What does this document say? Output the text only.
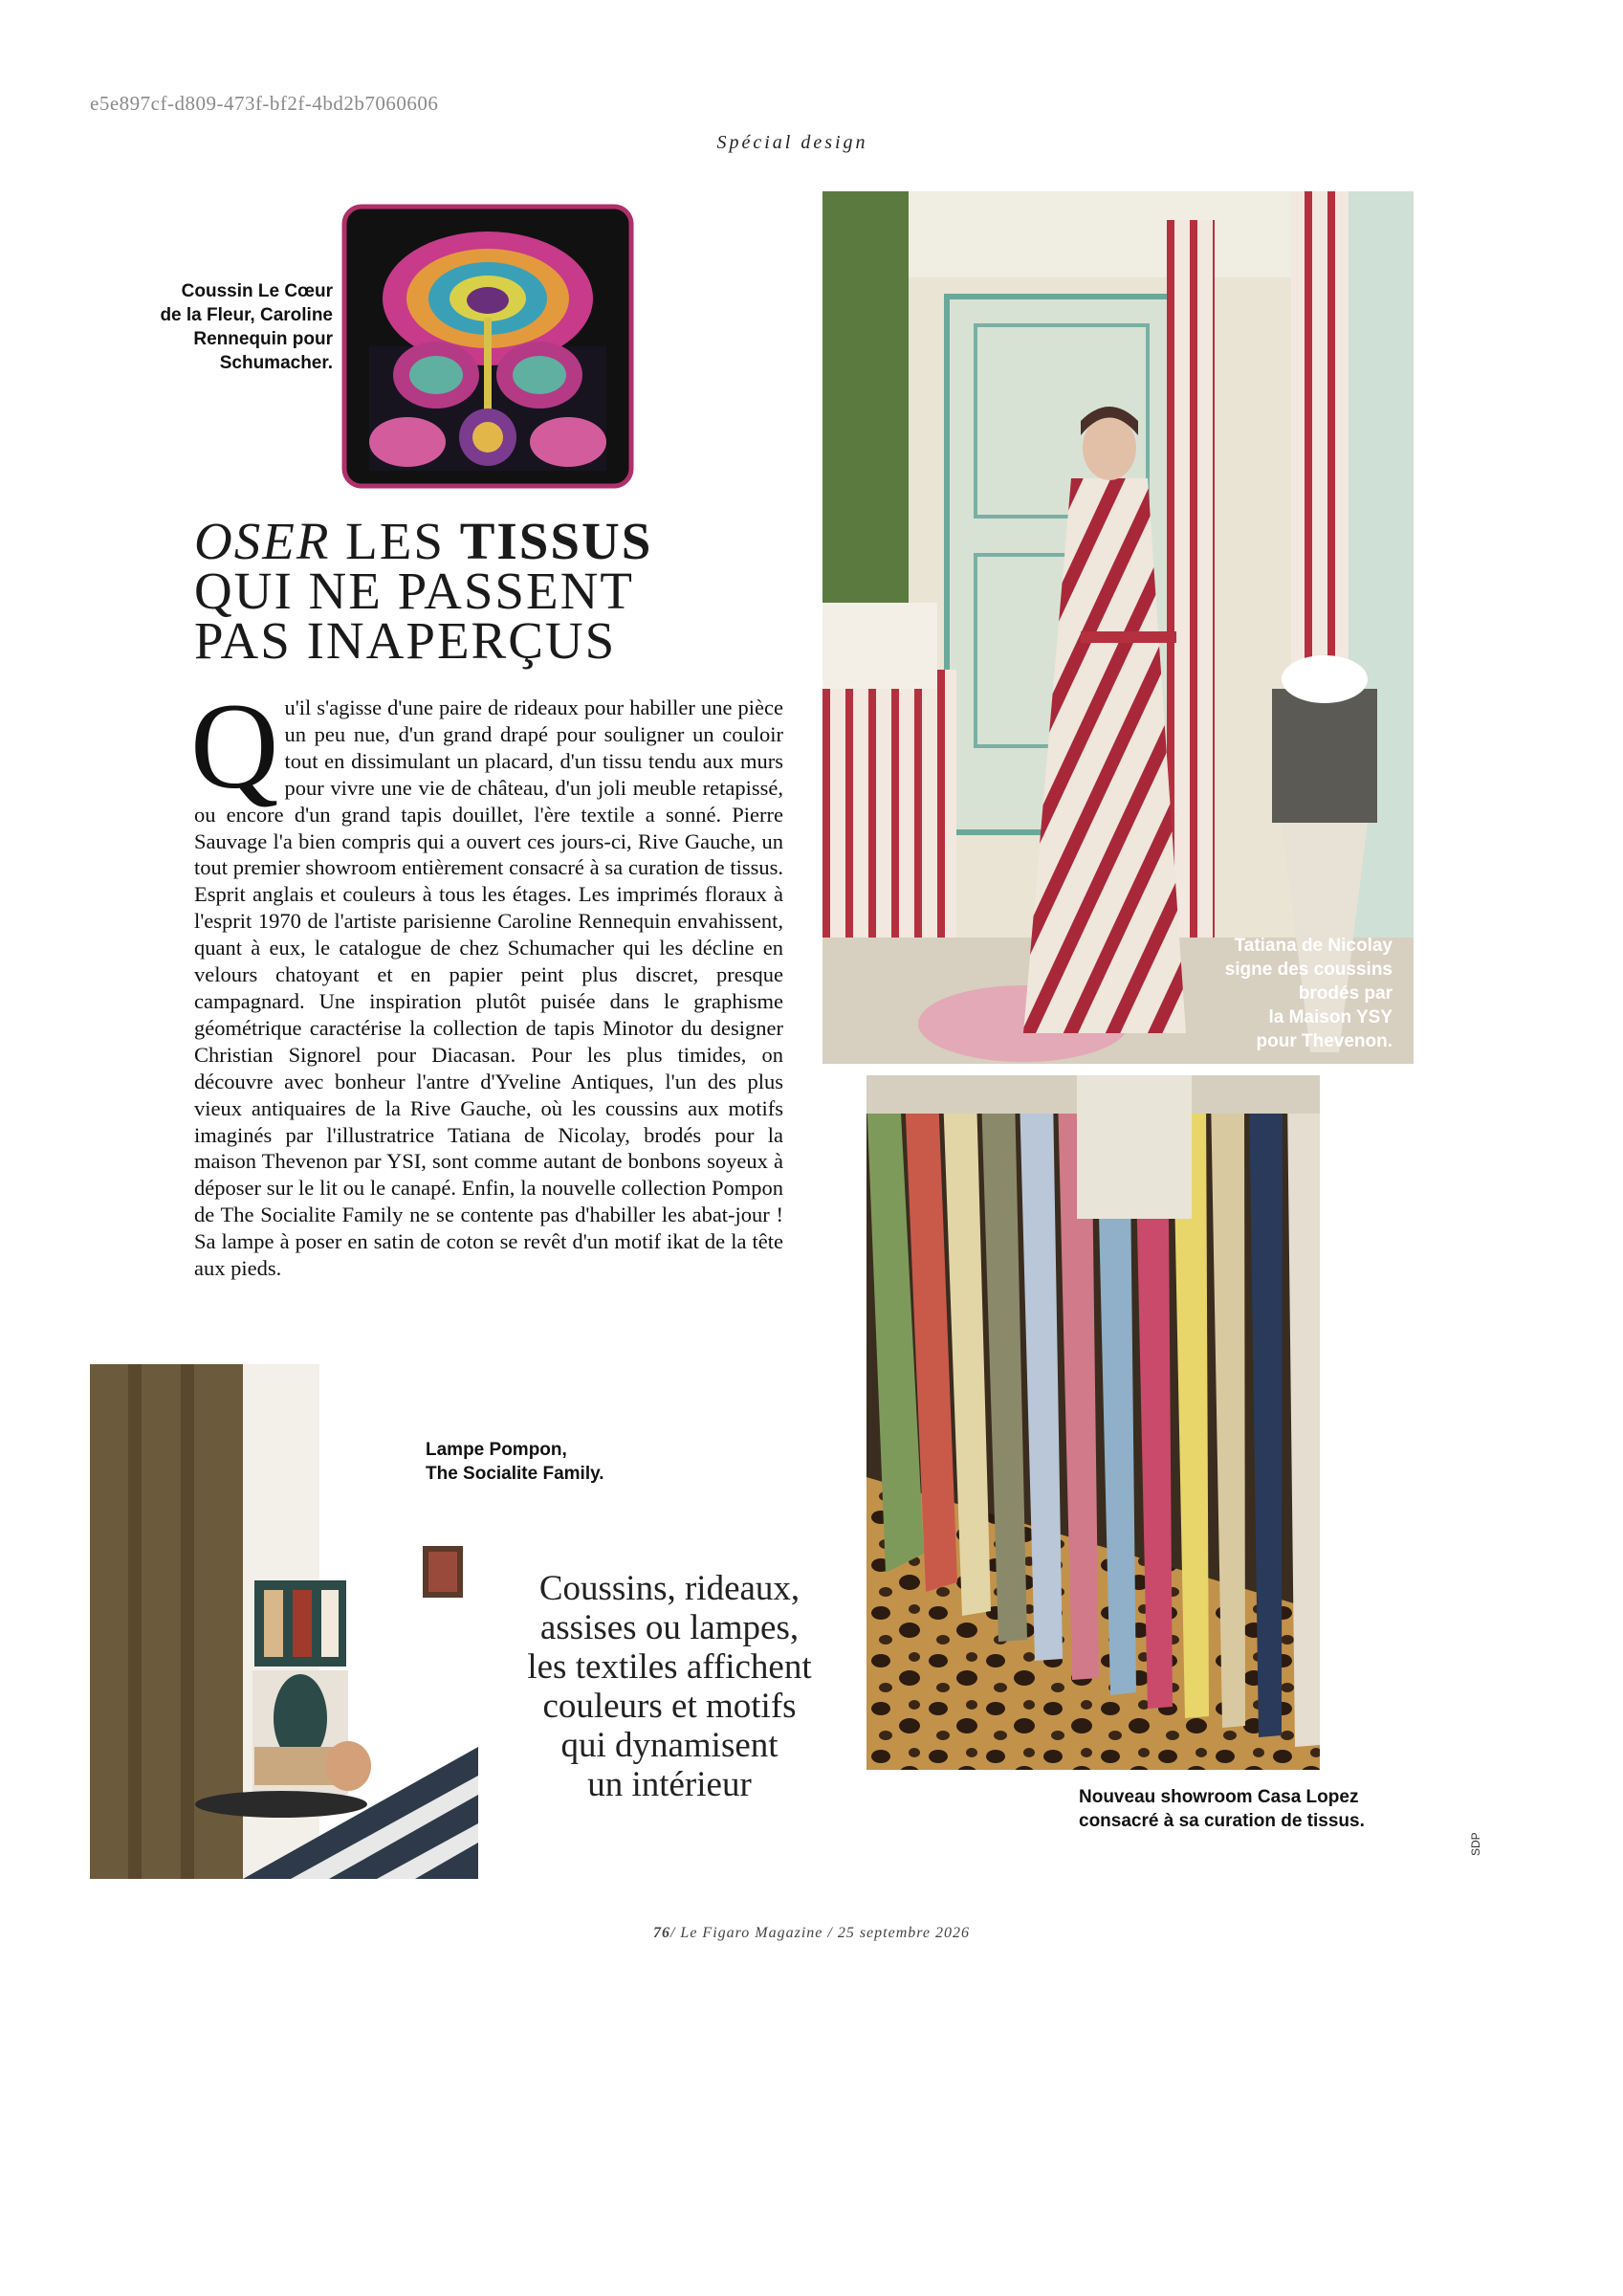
e5e897cf-d809-473f-bf2f-4bd2b7060606
Spécial design
Coussin Le Cœur
de la Fleur, Caroline
Rennequin pour
Schumacher.
OSER LES TISSUS
QUI NE PASSENT
PAS INAPERÇUS
Qu'il s'agisse d'une paire de rideaux pour habiller une pièce un peu nue, d'un grand drapé pour souligner un couloir tout en dissimulant un placard, d'un tissu tendu aux murs pour vivre une vie de château, d'un joli meuble retapissé, ou encore d'un grand tapis douillet, l'ère textile a sonné. Pierre Sauvage l'a bien compris qui a ouvert ces jours-ci, Rive Gauche, un tout premier showroom entièrement consacré à sa curation de tissus. Esprit anglais et couleurs à tous les étages. Les imprimés floraux à l'esprit 1970 de l'artiste parisienne Caroline Rennequin envahissent, quant à eux, le catalogue de chez Schumacher qui les décline en velours chatoyant et en papier peint plus discret, presque campagnard. Une inspiration plutôt puisée dans le graphisme géométrique caractérise la collection de tapis Minotor du designer Christian Signorel pour Diacasan. Pour les plus timides, on découvre avec bonheur l'antre d'Yveline Antiques, l'un des plus vieux antiquaires de la Rive Gauche, où les coussins aux motifs imaginés par l'illustratrice Tatiana de Nicolay, brodés pour la maison Thevenon par YSI, sont comme autant de bonbons soyeux à déposer sur le lit ou le canapé. Enfin, la nouvelle collection Pompon de The Socialite Family ne se contente pas d'habiller les abat-jour ! Sa lampe à poser en satin de coton se revêt d'un motif ikat de la tête aux pieds.
Tatiana de Nicolay
signe des coussins
brodés par
la Maison YSY
pour Thevenon.
Nouveau showroom Casa Lopez
consacré à sa curation de tissus.
Lampe Pompon,
The Socialite Family.
Coussins, rideaux,
assises ou lampes,
les textiles affichent
couleurs et motifs
qui dynamisent
un intérieur
SDP
76/ Le Figaro Magazine / 25 septembre 2026
